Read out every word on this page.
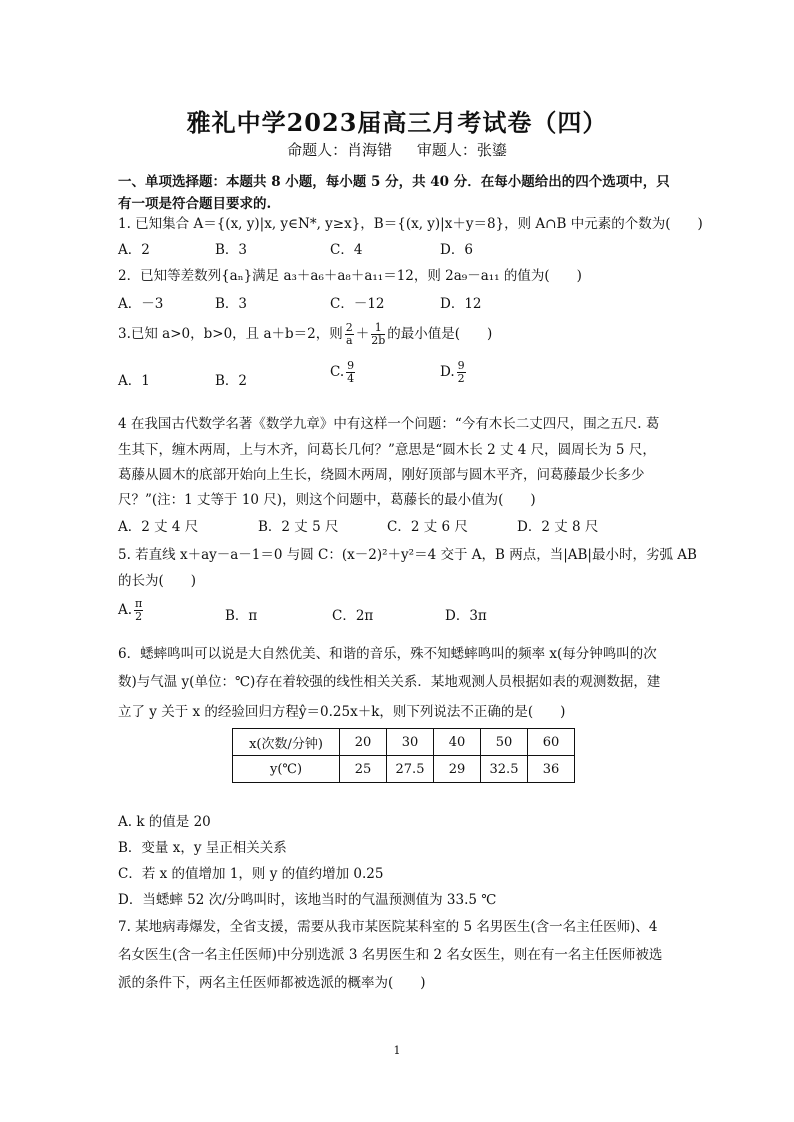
雅礼中学2023届高三月考试卷（四）
命题人：肖海错 审题人：张鎏
一、单项选择题：本题共 8 小题，每小题 5 分，共 40 分．在每小题给出的四个选项中，只
有一项是符合题目要求的.
1. 已知集合 A＝{(x, y)|x, y∈N*, y≥x}，B＝{(x, y)|x＋y＝8}，则 A∩B 中元素的个数为(　　)
A．2	B．3	C．4	D．6
2．已知等差数列{aₙ}满足 a₃＋a₆＋a₈＋a₁₁＝12，则 2a₉－a₁₁ 的值为(　　)
A．－3	B．3	C．－12	D．12
3.已知 a>0，b>0，且 a＋b＝2，则 $\frac{2}{a} + \frac{1}{2b}$ 的最小值是(　　)
A．1	B．2
C. $\frac{9}{4}$	D. $\frac{9}{2}$
4 在我国古代数学名著《数学九章》中有这样一个问题：“今有木长二丈四尺，围之五尺. 葛
生其下，缠木两周，上与木齐，问葛长几何？”意思是“圆木长 2 丈 4 尺，圆周长为 5 尺，
葛藤从圆木的底部开始向上生长，绕圆木两周，刚好顶部与圆木平齐，问葛藤最少长多少
尺？”(注：1 丈等于 10 尺)，则这个问题中，葛藤长的最小值为(　　)
A．2 丈 4 尺	B．2 丈 5 尺	C．2 丈 6 尺	D．2 丈 8 尺
5. 若直线 x＋ay－a－1＝0 与圆 C：(x－2)²＋y²＝4 交于 A，B 两点，当|AB|最小时，劣弧 AB
的长为(　　)
A. $\frac{\pi}{2}$	B．π	C．2π	D．3π
6．蟋蟀鸣叫可以说是大自然优美、和谐的音乐，殊不知蟋蟀鸣叫的频率 x(每分钟鸣叫的次
数)与气温 y(单位：℃)存在着较强的线性相关关系．某地观测人员根据如表的观测数据，建
立了 y 关于 x 的经验回归方程ŷ＝0.25x＋k，则下列说法不正确的是(　　)
x(次数/分钟)	20	30	40	50	60
y(℃)	25	27.5	29	32.5	36
A. k 的值是 20
B．变量 x，y 呈正相关关系
C．若 x 的值增加 1，则 y 的值约增加 0.25
D．当蟋蟀 52 次/分鸣叫时，该地当时的气温预测值为 33.5 ℃
7. 某地病毒爆发，全省支援，需要从我市某医院某科室的 5 名男医生(含一名主任医师)、4
名女医生(含一名主任医师)中分别选派 3 名男医生和 2 名女医生，则在有一名主任医师被选
派的条件下，两名主任医师都被选派的概率为(　　)
1
